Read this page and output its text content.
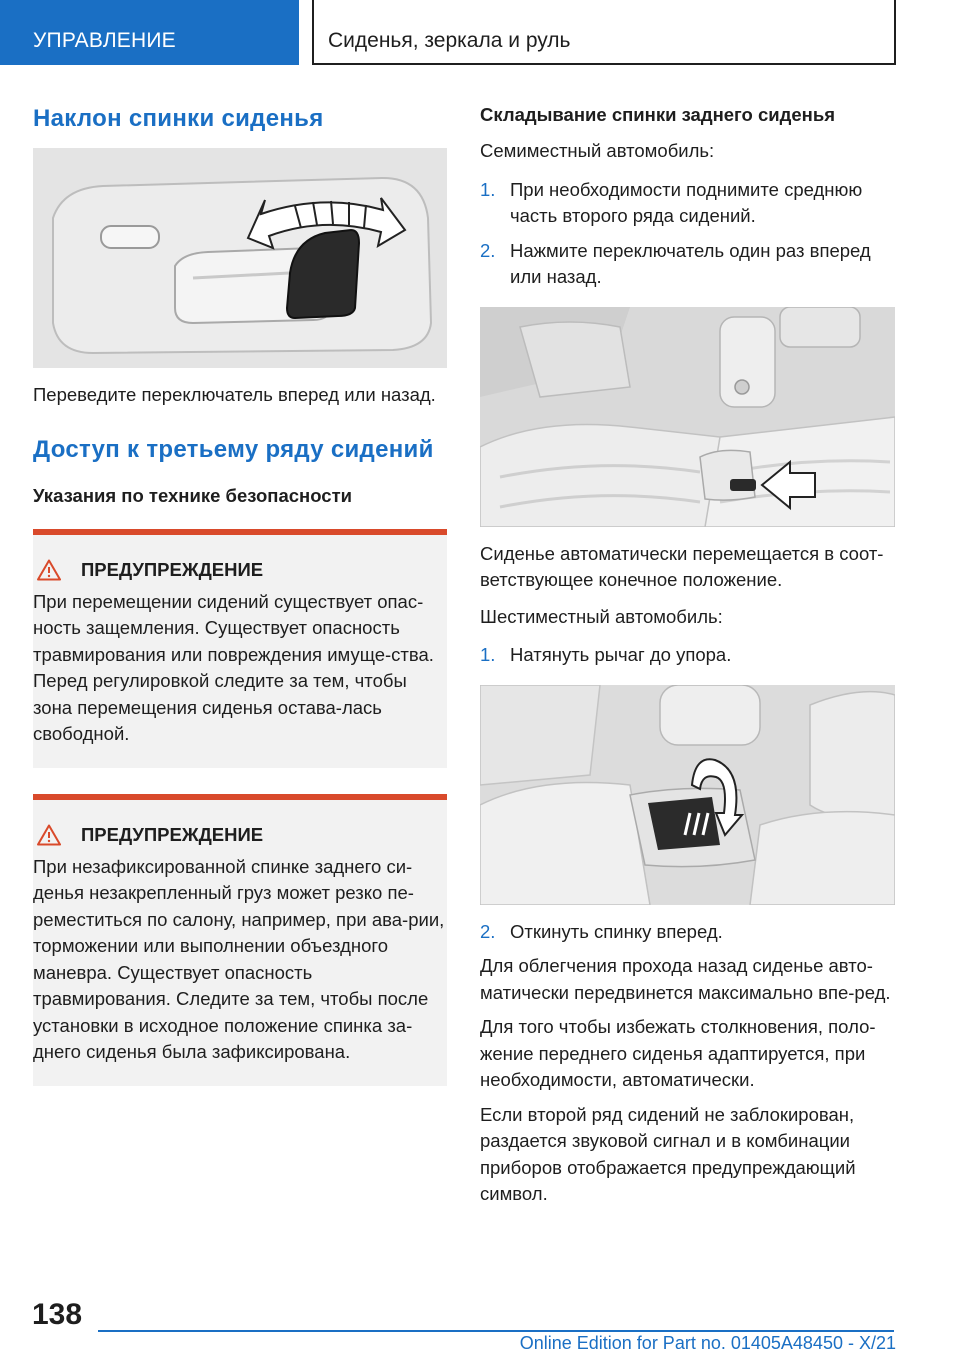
УПРАВЛЕНИЕ	Сиденья, зеркала и руль
Наклон спинки сиденья
Переведите переключатель вперед или назад.
Доступ к третьему ряду сидений
Указания по технике безопасности
ПРЕДУПРЕЖДЕНИЕ
При перемещении сидений существует опас-ность защемления. Существует опасность травмирования или повреждения имуще-ства. Перед регулировкой следите за тем, чтобы зона перемещения сиденья остава-лась свободной.
ПРЕДУПРЕЖДЕНИЕ
При незафиксированной спинке заднего си-денья незакрепленный груз может резко пе-реместиться по салону, например, при ава-рии, торможении или выполнении объездного маневра. Существует опасность травмирования. Следите за тем, чтобы после установки в исходное положение спинка за-днего сиденья была зафиксирована.
Складывание спинки заднего сиденья
Семиместный автомобиль:
1. При необходимости поднимите среднюю часть второго ряда сидений.
2. Нажмите переключатель один раз вперед или назад.
Сиденье автоматически перемещается в соот-ветствующее конечное положение.
Шестиместный автомобиль:
1. Натянуть рычаг до упора.
2. Откинуть спинку вперед.
Для облегчения прохода назад сиденье авто-матически передвинется максимально впе-ред.
Для того чтобы избежать столкновения, поло-жение переднего сиденья адаптируется, при необходимости, автоматически.
Если второй ряд сидений не заблокирован, раздается звуковой сигнал и в комбинации приборов отображается предупреждающий символ.
138
Online Edition for Part no. 01405A48450 - X/21
